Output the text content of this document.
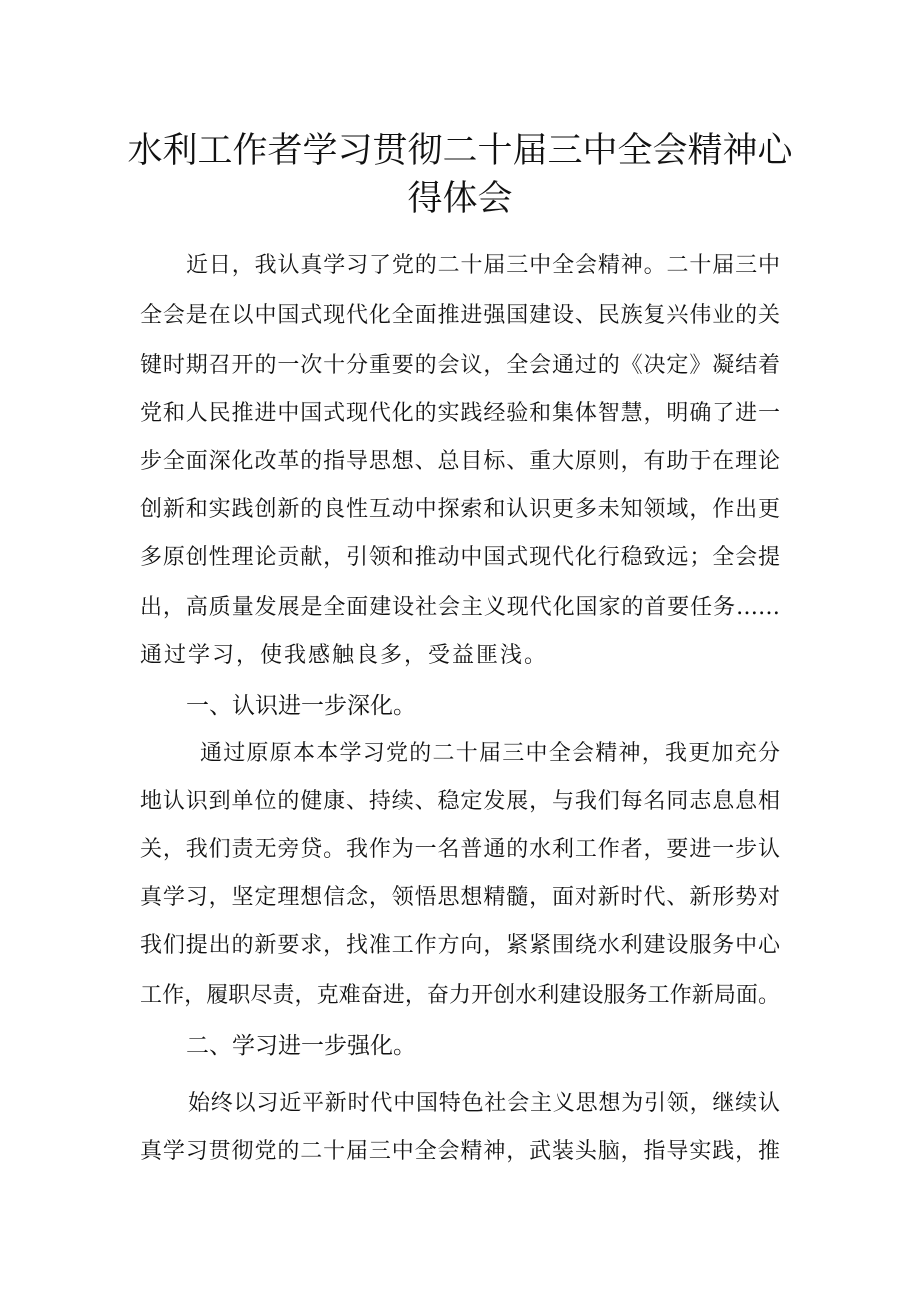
水利工作者学习贯彻二十届三中全会精神心
得体会
近日，我认真学习了党的二十届三中全会精神。二十届三中
全会是在以中国式现代化全面推进强国建设、民族复兴伟业的关
键时期召开的一次十分重要的会议，全会通过的《决定》凝结着
党和人民推进中国式现代化的实践经验和集体智慧，明确了进一
步全面深化改革的指导思想、总目标、重大原则，有助于在理论
创新和实践创新的良性互动中探索和认识更多未知领域，作出更
多原创性理论贡献，引领和推动中国式现代化行稳致远；全会提
出，高质量发展是全面建设社会主义现代化国家的首要任务……
通过学习，使我感触良多，受益匪浅。
一、认识进一步深化。
通过原原本本学习党的二十届三中全会精神，我更加充分
地认识到单位的健康、持续、稳定发展，与我们每名同志息息相
关，我们责无旁贷。我作为一名普通的水利工作者，要进一步认
真学习，坚定理想信念，领悟思想精髓，面对新时代、新形势对
我们提出的新要求，找准工作方向，紧紧围绕水利建设服务中心
工作，履职尽责，克难奋进，奋力开创水利建设服务工作新局面。
二、学习进一步强化。
始终以习近平新时代中国特色社会主义思想为引领，继续认
真学习贯彻党的二十届三中全会精神，武装头脑，指导实践，推
